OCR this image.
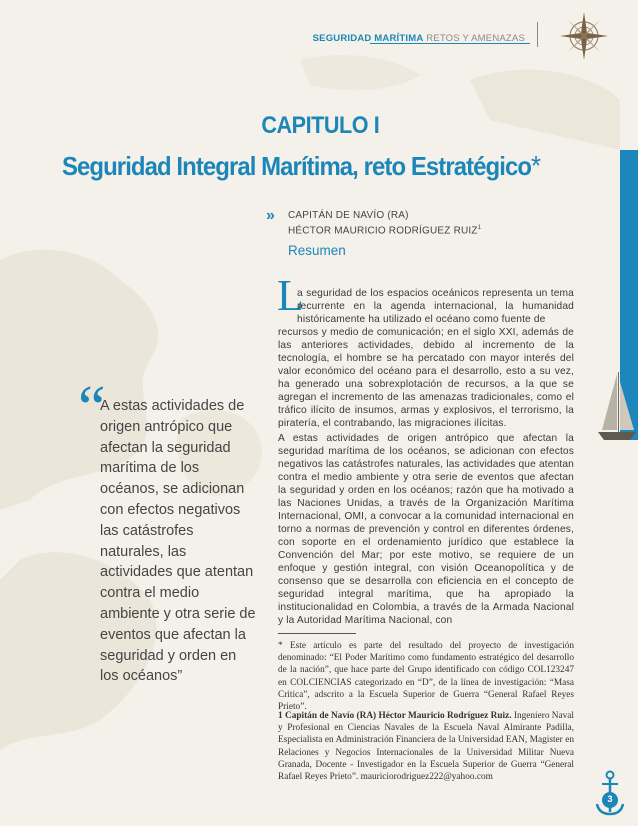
SEGURIDAD MARÍTIMA RETOS Y AMENAZAS
CAPITULO I
Seguridad Integral Marítima, reto Estratégico*
» CAPITÁN DE NAVÍO (RA)
HÉCTOR MAURICIO RODRÍGUEZ RUIZ$^1$
Resumen
L
a seguridad de los espacios oceánicos representa un tema recurrente en la agenda internacional, la humanidad históricamente ha utilizado el océano como fuente de
recursos y medio de comunicación; en el siglo XXI, además de las anteriores actividades, debido al incremento de la tecnología, el hombre se ha percatado con mayor interés del valor económico del océano para el desarrollo, esto a su vez, ha generado una sobrexplotación de recursos, a la que se agregan el incremento de las amenazas tradicionales, como el tráfico ilícito de insumos, armas y explosivos, el terrorismo, la piratería, el contrabando, las migraciones ilícitas.
A estas actividades de origen antrópico que afectan la seguridad marítima de los océanos, se adicionan con efectos negativos las catástrofes naturales, las actividades que atentan contra el medio ambiente y otra serie de eventos que afectan la seguridad y orden en los océanos; razón que ha motivado a las Naciones Unidas, a través de la Organización Marítima Internacional, OMI, a convocar a la comunidad internacional en torno a normas de prevención y control en diferentes órdenes, con soporte en el ordenamiento jurídico que establece la Convención del Mar; por este motivo, se requiere de un enfoque y gestión integral, con visión Oceanopolítica y de consenso que se desarrolla con eficiencia en el concepto de seguridad integral marítima, que ha apropiado la institucionalidad en Colombia, a través de la Armada Nacional y la Autoridad Marítima Nacional, con
“
A estas actividades de origen antrópico que afectan la seguridad marítima de los océanos, se adicionan con efectos negativos las catástrofes naturales, las actividades que atentan contra el medio ambiente y otra serie de eventos que afectan la seguridad y orden en los océanos”
* Este artículo es parte del resultado del proyecto de investigación denominado: “El Poder Marítimo como fundamento estratégico del desarrollo de la nación”, que hace parte del Grupo identificado con código COL123247 en COLCIENCIAS categorizado en “D”, de la línea de investigación: “Masa Crítica”, adscrito a la Escuela Superior de Guerra “General Rafael Reyes Prieto”.
1 Capitán de Navío (RA) Héctor Mauricio Rodríguez Ruiz. Ingeniero Naval y Profesional en Ciencias Navales de la Escuela Naval Almirante Padilla, Especialista en Administración Financiera de la Universidad EAN, Magister en Relaciones y Negocios Internacionales de la Universidad Militar Nueva Granada, Docente - Investigador en la Escuela Superior de Guerra “General Rafael Reyes Prieto”. mauriciorodriguez222@yahoo.com
3
